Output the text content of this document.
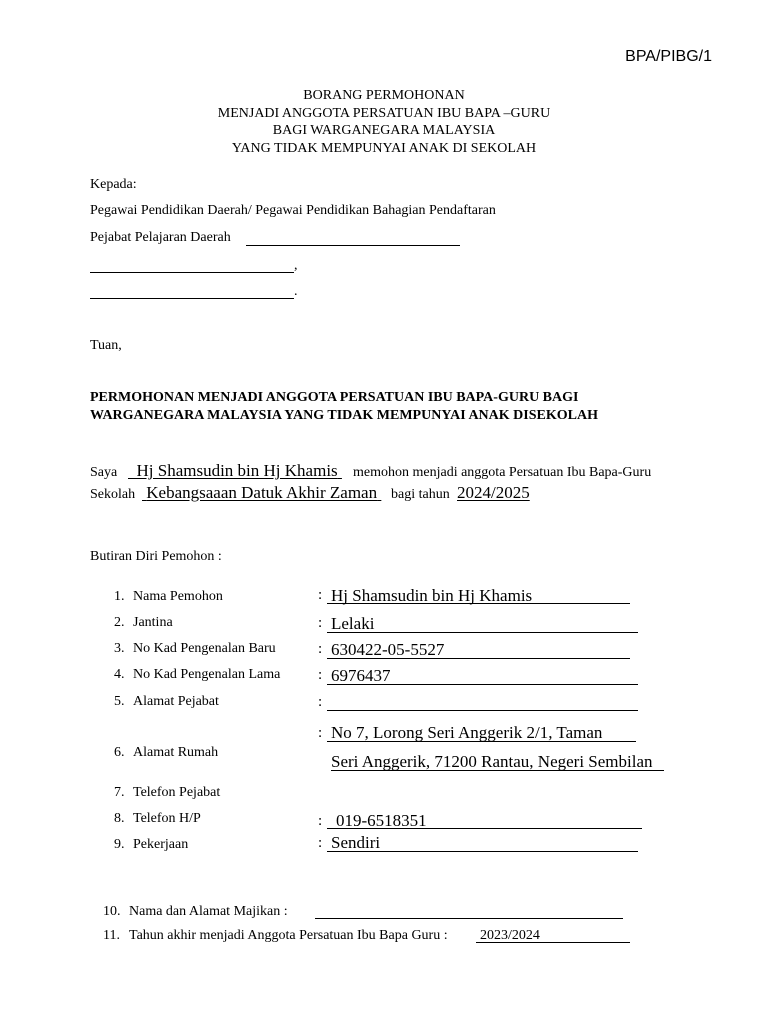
BPA/PIBG/1
BORANG PERMOHONAN
MENJADI ANGGOTA PERSATUAN IBU BAPA –GURU
BAGI WARGANEGARA MALAYSIA
YANG TIDAK MEMPUNYAI ANAK DI SEKOLAH
Kepada:
Pegawai Pendidikan Daerah/ Pegawai Pendidikan Bahagian Pendaftaran
Pejabat Pelajaran Daerah
,
.
Tuan,
PERMOHONAN MENJADI ANGGOTA PERSATUAN IBU BAPA-GURU BAGI
WARGANEGARA MALAYSIA YANG TIDAK MEMPUNYAI ANAK DISEKOLAH
Saya	Hj Shamsudin bin Hj Khamis	memohon menjadi anggota Persatuan Ibu Bapa-Guru
Sekolah Kebangsaaan Datuk Akhir Zaman bagi tahun 2024/2025
Butiran Diri Pemohon :
1. Nama Pemohon	: Hj Shamsudin bin Hj Khamis
2. Jantina	: Lelaki
3. No Kad Pengenalan Baru	: 630422-05-5527
4. No Kad Pengenalan Lama	: 6976437
5. Alamat Pejabat	:
6. Alamat Rumah
: No 7, Lorong Seri Anggerik 2/1, Taman
Seri Anggerik, 71200 Rantau, Negeri Sembilan
7. Telefon Pejabat
8. Telefon H/P	: 019-6518351
9. Pekerjaan	: Sendiri
10. Nama dan Alamat Majikan :
11. Tahun akhir menjadi Anggota Persatuan Ibu Bapa Guru : 2023/2024
